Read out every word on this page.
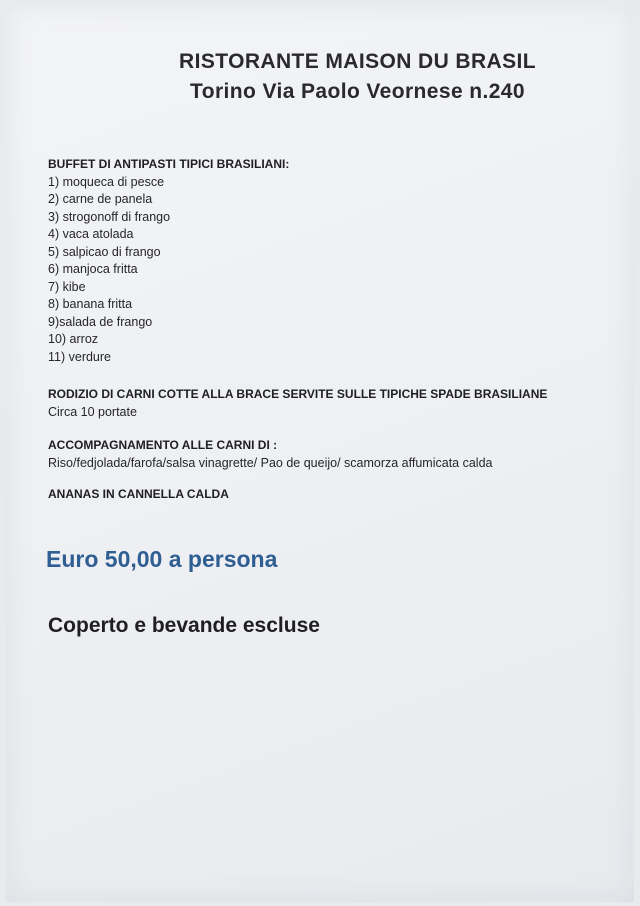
RISTORANTE MAISON DU BRASIL
Torino Via Paolo Veornese n.240
BUFFET DI ANTIPASTI TIPICI BRASILIANI:
1) moqueca di pesce
2) carne de panela
3) strogonoff di frango
4) vaca atolada
5) salpicao di frango
6) manjoca fritta
7) kibe
8) banana fritta
9)salada de frango
10) arroz
11) verdure
RODIZIO DI CARNI COTTE ALLA BRACE SERVITE SULLE TIPICHE SPADE BRASILIANE
Circa 10 portate
ACCOMPAGNAMENTO ALLE CARNI DI :
Riso/fedjolada/farofa/salsa vinagrette/ Pao de queijo/ scamorza affumicata calda
ANANAS IN CANNELLA CALDA
Euro 50,00 a persona
Coperto e bevande escluse
